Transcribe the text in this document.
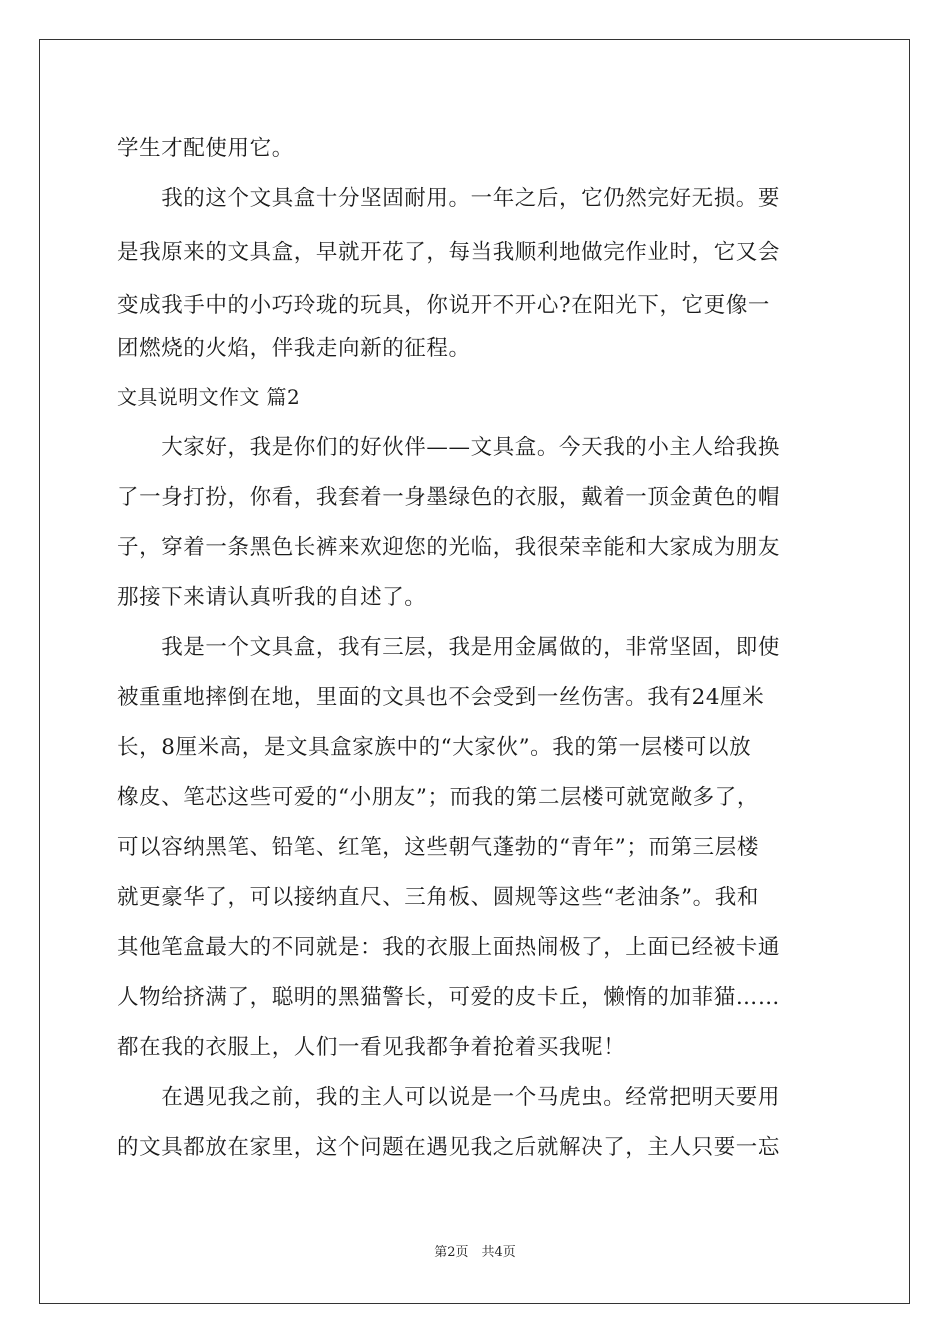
学生才配使用它。
　　我的这个文具盒十分坚固耐用。一年之后，它仍然完好无损。要
是我原来的文具盒，早就开花了，每当我顺利地做完作业时，它又会
变成我手中的小巧玲珑的玩具，你说开不开心?在阳光下，它更像一
团燃烧的火焰，伴我走向新的征程。
文具说明文作文 篇2
　　大家好，我是你们的好伙伴——文具盒。今天我的小主人给我换
了一身打扮，你看，我套着一身墨绿色的衣服，戴着一顶金黄色的帽
子，穿着一条黑色长裤来欢迎您的光临，我很荣幸能和大家成为朋友
那接下来请认真听我的自述了。
　　我是一个文具盒，我有三层，我是用金属做的，非常坚固，即使
被重重地摔倒在地，里面的文具也不会受到一丝伤害。我有24厘米
长，8厘米高，是文具盒家族中的“大家伙”。我的第一层楼可以放
橡皮、笔芯这些可爱的“小朋友”；而我的第二层楼可就宽敞多了，
可以容纳黑笔、铅笔、红笔，这些朝气蓬勃的“青年”；而第三层楼
就更豪华了，可以接纳直尺、三角板、圆规等这些“老油条”。我和
其他笔盒最大的不同就是：我的衣服上面热闹极了，上面已经被卡通
人物给挤满了，聪明的黑猫警长，可爱的皮卡丘，懒惰的加菲猫……
都在我的衣服上，人们一看见我都争着抢着买我呢！
　　在遇见我之前，我的主人可以说是一个马虎虫。经常把明天要用
的文具都放在家里，这个问题在遇见我之后就解决了，主人只要一忘
第2页　共4页
